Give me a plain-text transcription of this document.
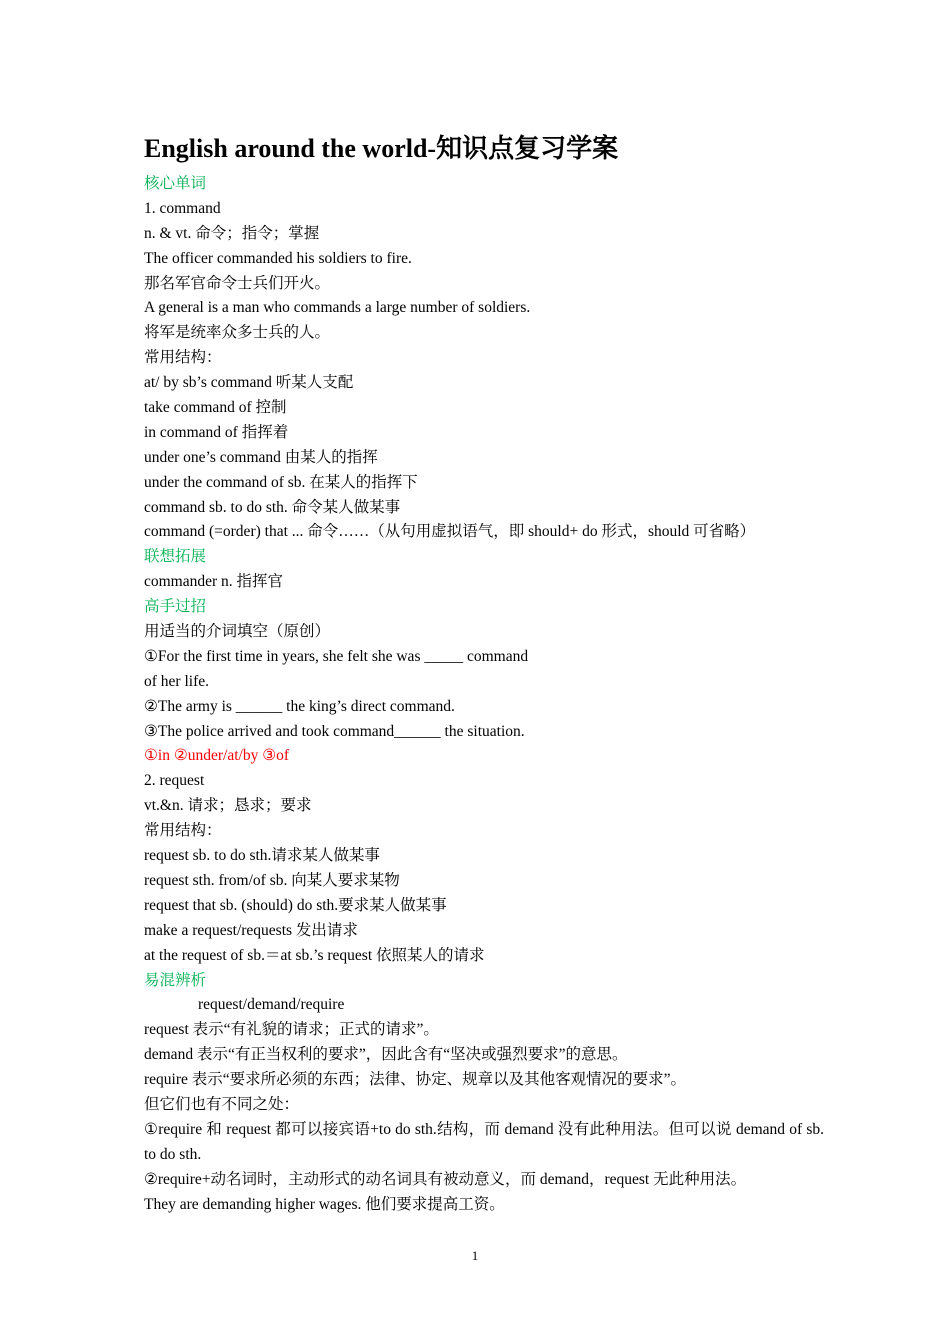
English around the world-知识点复习学案
核心单词
1. command
n. & vt. 命令；指令；掌握
The officer commanded his soldiers to fire.
那名军官命令士兵们开火。
A general is a man who commands a large number of soldiers.
将军是统率众多士兵的人。
常用结构：
at/ by sb’s command 听某人支配
take command of 控制
in command of 指挥着
under one’s command 由某人的指挥
under the command of sb. 在某人的指挥下
command sb. to do sth. 命令某人做某事
command (=order) that ... 命令……（从句用虚拟语气，即 should+ do 形式，should 可省略）
联想拓展
commander n. 指挥官
高手过招
用适当的介词填空（原创）
①For the first time in years, she felt she was _____ command
of her life.
②The army is ______ the king’s direct command.
③The police arrived and took command______ the situation.
①in ②under/at/by ③of
2. request
vt.&n. 请求；恳求；要求
常用结构：
request sb. to do sth.请求某人做某事
request sth. from/of sb. 向某人要求某物
request that sb. (should) do sth.要求某人做某事
make a request/requests 发出请求
at the request of sb.＝at sb.’s request 依照某人的请求
易混辨析
request/demand/require
request 表示“有礼貌的请求；正式的请求”。
demand 表示“有正当权利的要求”，因此含有“坚决或强烈要求”的意思。
require 表示“要求所必须的东西；法律、协定、规章以及其他客观情况的要求”。
但它们也有不同之处：
①require 和 request 都可以接宾语+to do sth.结构，而 demand 没有此种用法。但可以说 demand of sb. to do sth.
②require+动名词时，主动形式的动名词具有被动意义，而 demand，request 无此种用法。
They are demanding higher wages. 他们要求提高工资。
1
